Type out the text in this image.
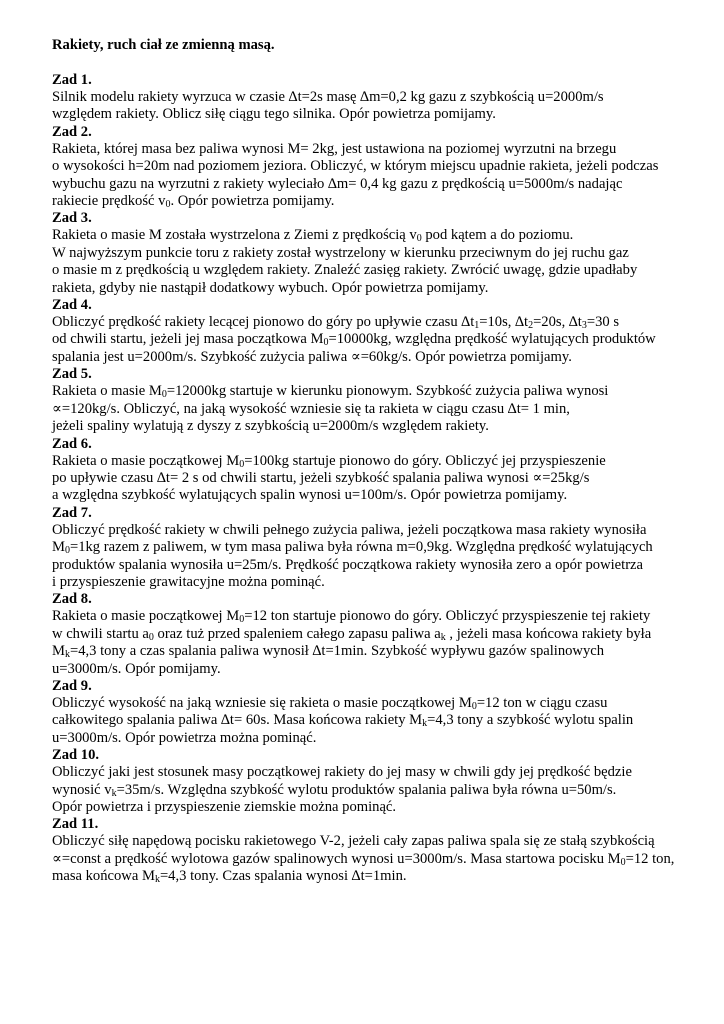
Rakiety, ruch ciał ze zmienną masą.
Zad 1.
Silnik modelu rakiety wyrzuca w czasie ∆t=2s masę ∆m=0,2 kg gazu z szybkością u=2000m/s
względem rakiety. Oblicz siłę ciągu tego silnika. Opór powietrza pomijamy.
Zad 2.
Rakieta, której masa bez paliwa wynosi M= 2kg, jest ustawiona na poziomej wyrzutni na brzegu
o wysokości h=20m nad poziomem jeziora. Obliczyć, w którym miejscu upadnie rakieta, jeżeli podczas
wybuchu gazu na wyrzutni z rakiety wyleciało ∆m= 0,4 kg gazu z prędkością u=5000m/s nadając
rakiecie prędkość $v_0$. Opór powietrza pomijamy.
Zad 3.
Rakieta o masie M została wystrzelona z Ziemi z prędkością $v_0$ pod kątem a do poziomu.
W najwyższym punkcie toru z rakiety został wystrzelony w kierunku przeciwnym do jej ruchu gaz
o masie m z prędkością u względem rakiety. Znaleźć zasięg rakiety. Zwrócić uwagę, gdzie upadłaby
rakieta, gdyby nie nastąpił dodatkowy wybuch. Opór powietrza pomijamy.
Zad 4.
Obliczyć prędkość rakiety lecącej pionowo do góry po upływie czasu $\Delta t_1=10s$, $\Delta t_2=20s$, $\Delta t_3=30$ s
od chwili startu, jeżeli jej masa początkowa $M_0=10000kg$, względna prędkość wylatujących produktów
spalania jest u=2000m/s. Szybkość zużycia paliwa ∝=60kg/s. Opór powietrza pomijamy.
Zad 5.
Rakieta o masie $M_0=12000kg$ startuje w kierunku pionowym. Szybkość zużycia paliwa wynosi
∝=120kg/s. Obliczyć, na jaką wysokość wzniesie się ta rakieta w ciągu czasu ∆t= 1 min,
jeżeli spaliny wylatują z dyszy z szybkością u=2000m/s względem rakiety.
Zad 6.
Rakieta o masie początkowej $M_0=100kg$ startuje pionowo do góry. Obliczyć jej przyspieszenie
po upływie czasu ∆t= 2 s od chwili startu, jeżeli szybkość spalania paliwa wynosi ∝=25kg/s
a względna szybkość wylatujących spalin wynosi u=100m/s. Opór powietrza pomijamy.
Zad 7.
Obliczyć prędkość rakiety w chwili pełnego zużycia paliwa, jeżeli początkowa masa rakiety wynosiła
$M_0=1kg$ razem z paliwem, w tym masa paliwa była równa m=0,9kg. Względna prędkość wylatujących
produktów spalania wynosiła u=25m/s. Prędkość początkowa rakiety wynosiła zero a opór powietrza
i przyspieszenie grawitacyjne można pominąć.
Zad 8.
Rakieta o masie początkowej $M_0=12$ ton startuje pionowo do góry. Obliczyć przyspieszenie tej rakiety
w chwili startu $a_0$ oraz tuż przed spaleniem całego zapasu paliwa $a_k$ , jeżeli masa końcowa rakiety była
$M_k=4,3$ tony a czas spalania paliwa wynosił ∆t=1min. Szybkość wypływu gazów spalinowych
u=3000m/s. Opór pomijamy.
Zad 9.
Obliczyć wysokość na jaką wzniesie się rakieta o masie początkowej $M_0=12$ ton w ciągu czasu
całkowitego spalania paliwa ∆t= 60s. Masa końcowa rakiety $M_k=4,3$ tony a szybkość wylotu spalin
u=3000m/s. Opór powietrza można pominąć.
Zad 10.
Obliczyć jaki jest stosunek masy początkowej rakiety do jej masy w chwili gdy jej prędkość będzie
wynosić $v_k=35m/s$. Względna szybkość wylotu produktów spalania paliwa była równa u=50m/s.
Opór powietrza i przyspieszenie ziemskie można pominąć.
Zad 11.
Obliczyć siłę napędową pocisku rakietowego V-2, jeżeli cały zapas paliwa spala się ze stałą szybkością
∝=const a prędkość wylotowa gazów spalinowych wynosi u=3000m/s. Masa startowa pocisku $M_0=12$ ton,
masa końcowa $M_k=4,3$ tony. Czas spalania wynosi ∆t=1min.
